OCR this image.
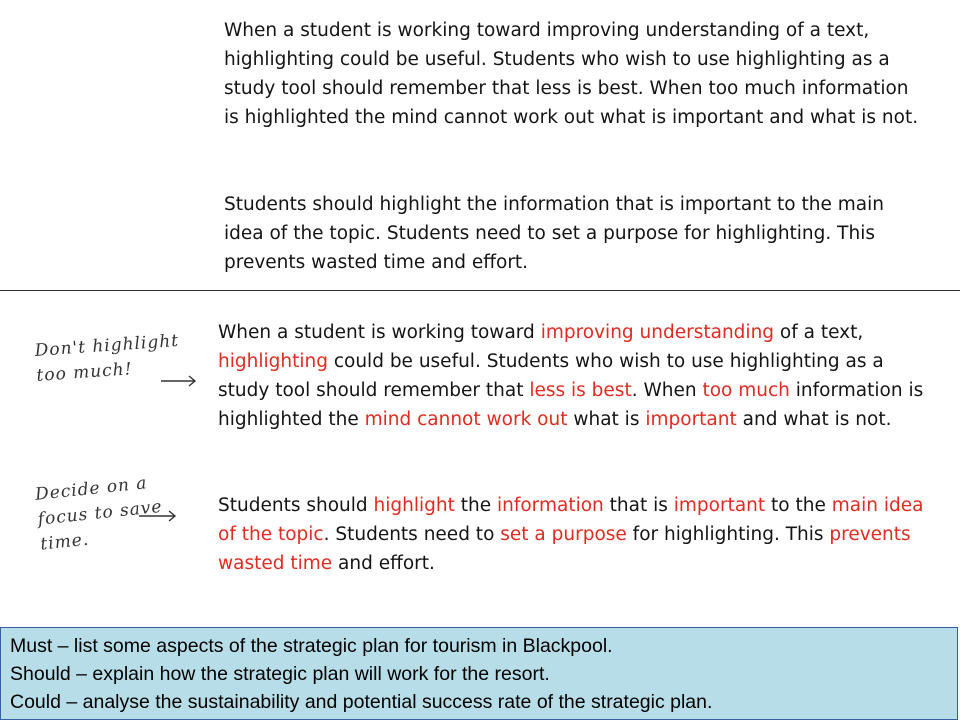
When a student is working toward improving understanding of a text, highlighting could be useful. Students who wish to use highlighting as a study tool should remember that less is best. When too much information is highlighted the mind cannot work out what is important and what is not.
Students should highlight the information that is important to the main idea of the topic. Students need to set a purpose for highlighting. This prevents wasted time and effort.
Don't highlight
too much!
Decide on a
focus to save
time.
When a student is working toward improving understanding of a text, highlighting could be useful. Students who wish to use highlighting as a study tool should remember that less is best. When too much information is highlighted the mind cannot work out what is important and what is not.
Students should highlight the information that is important to the main idea of the topic. Students need to set a purpose for highlighting. This prevents wasted time and effort.
Must – list some aspects of the strategic plan for tourism in Blackpool.
Should – explain how the strategic plan will work for the resort.
Could – analyse the sustainability and potential success rate of the strategic plan.
